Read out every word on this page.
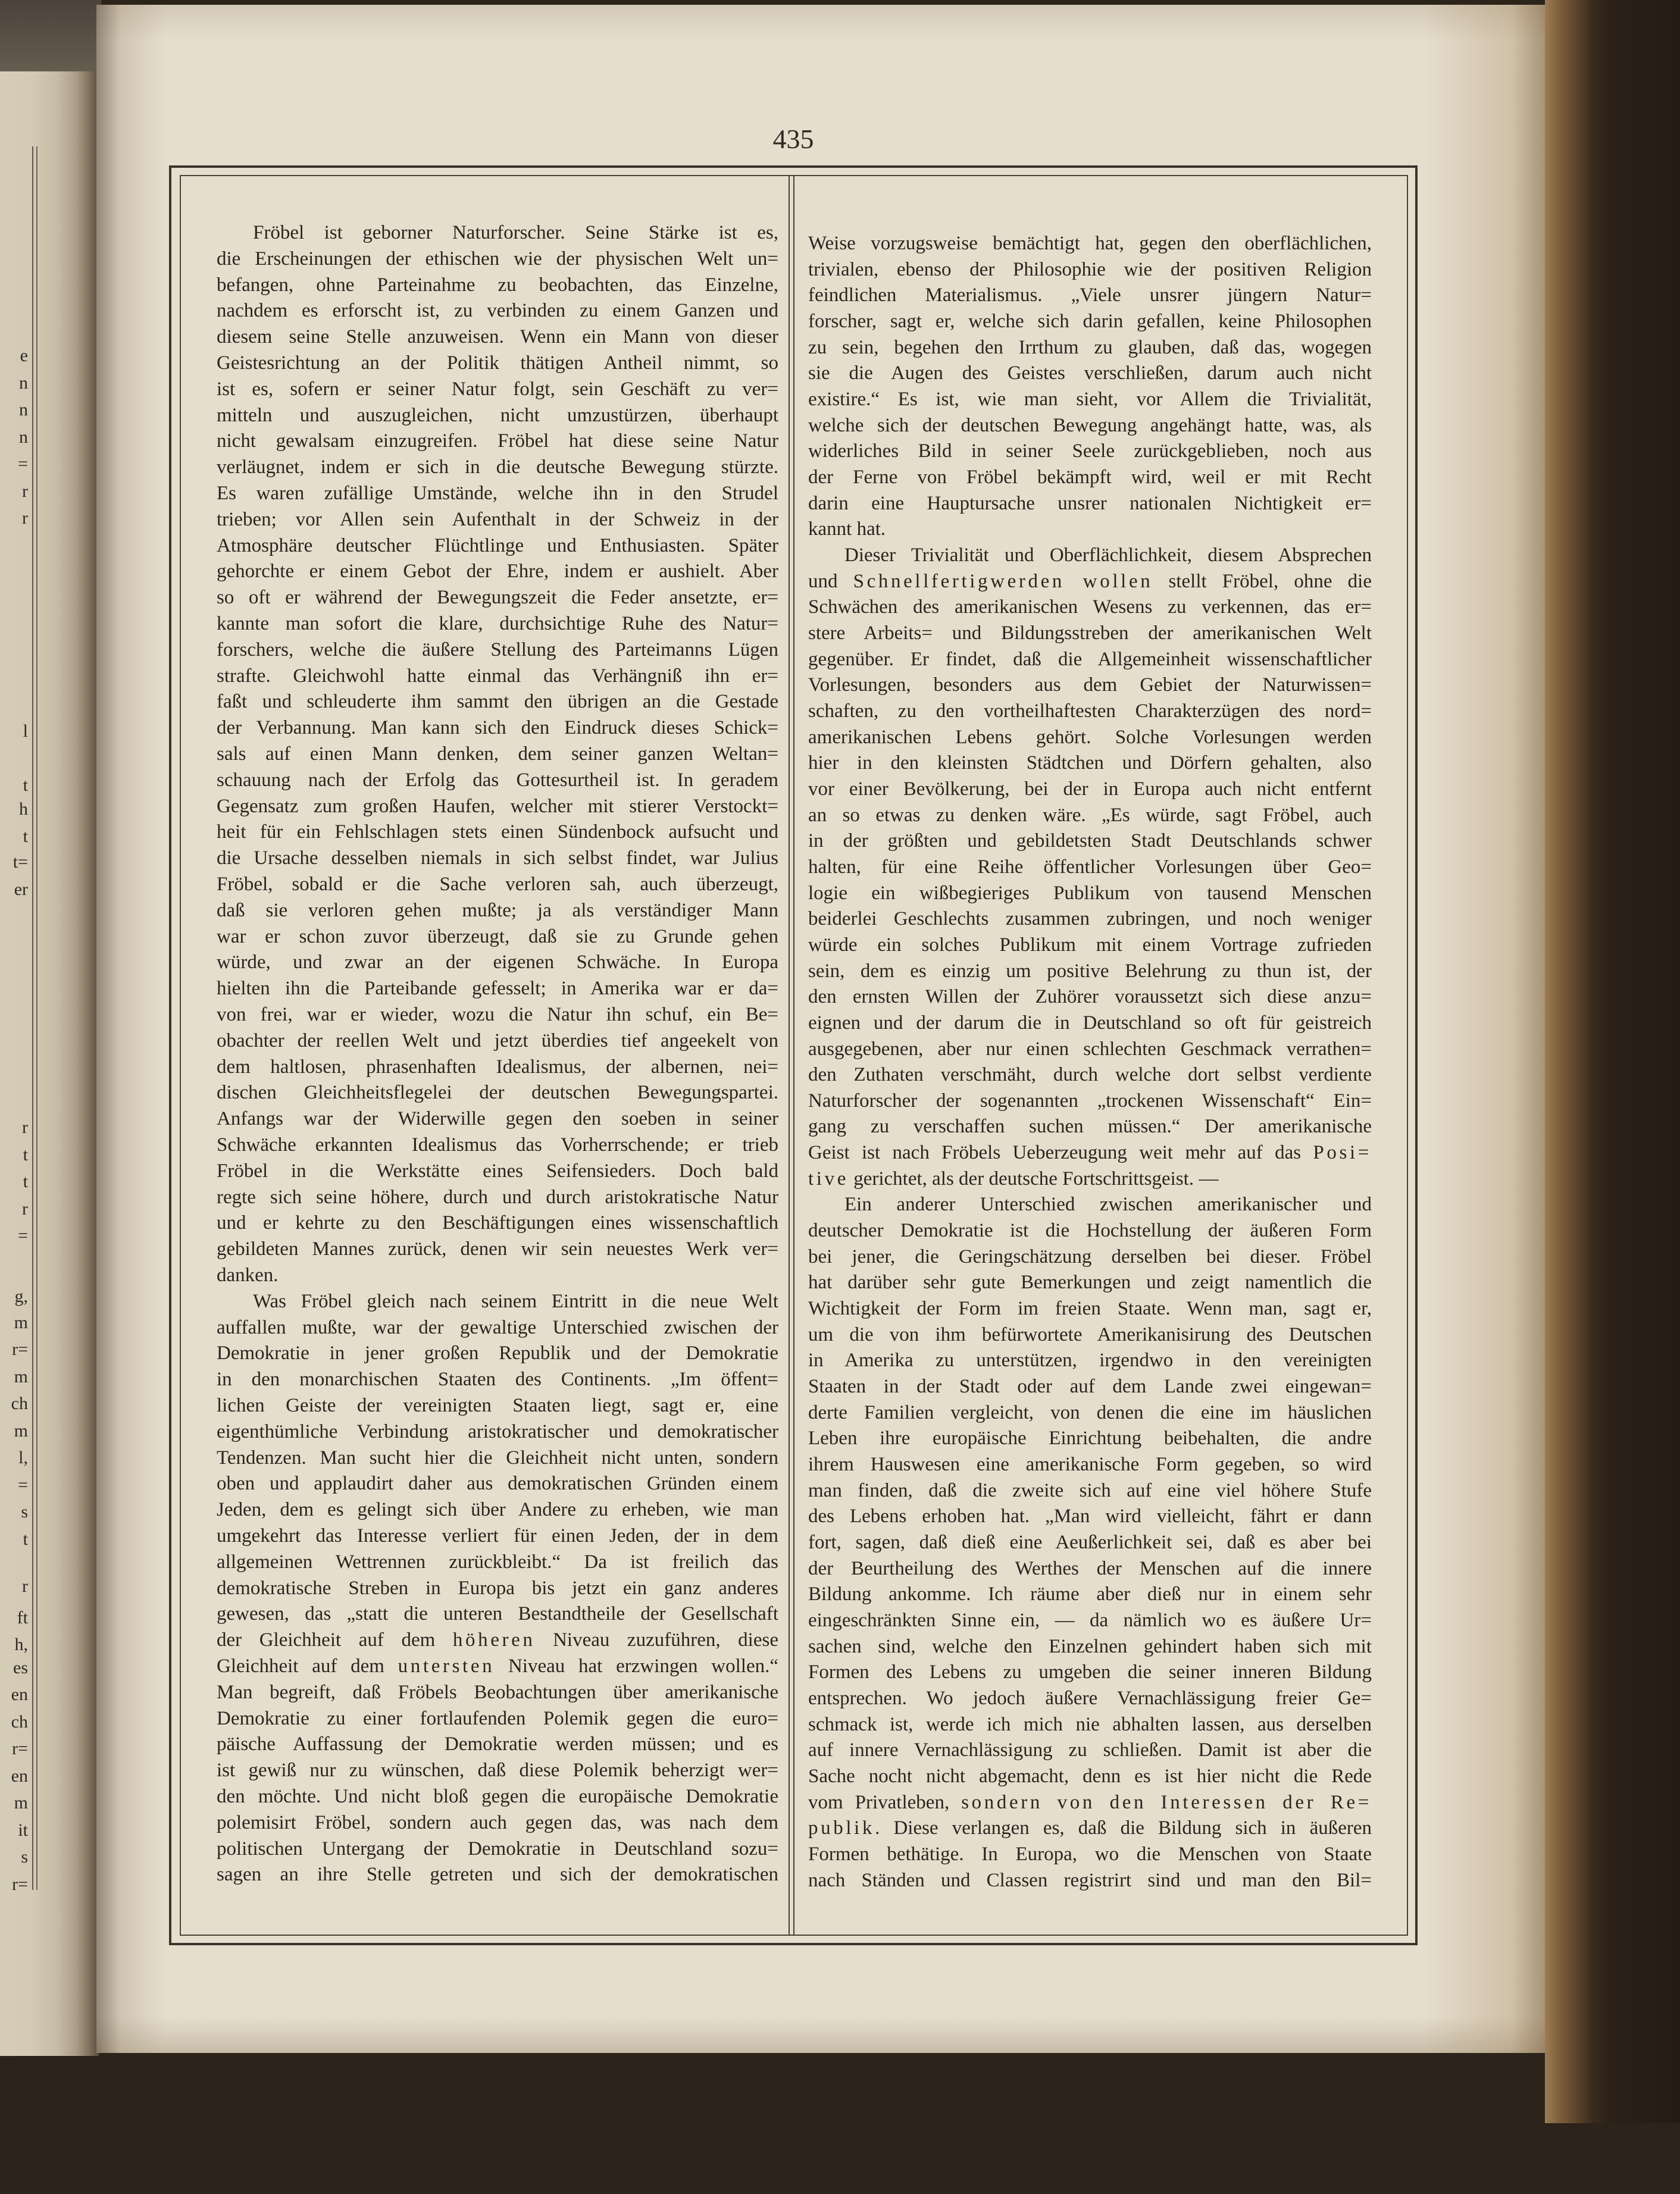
e
n
n
n
=
r
r
l
t
h
t
t=
er
r
t
t
r
=
g,
m
r=
m
ch
m
l,
=
s
t
r
ft
h,
es
en
ch
r=
en
m
it
s
r=
435
Fröbel ist geborner Naturforscher. Seine Stärke ist es,
die Erscheinungen der ethischen wie der physischen Welt un=
befangen, ohne Parteinahme zu beobachten, das Einzelne,
nachdem es erforscht ist, zu verbinden zu einem Ganzen und
diesem seine Stelle anzuweisen. Wenn ein Mann von dieser
Geistesrichtung an der Politik thätigen Antheil nimmt, so
ist es, sofern er seiner Natur folgt, sein Geschäft zu ver=
mitteln und auszugleichen, nicht umzustürzen, überhaupt
nicht gewalsam einzugreifen. Fröbel hat diese seine Natur
verläugnet, indem er sich in die deutsche Bewegung stürzte.
Es waren zufällige Umstände, welche ihn in den Strudel
trieben; vor Allen sein Aufenthalt in der Schweiz in der
Atmosphäre deutscher Flüchtlinge und Enthusiasten. Später
gehorchte er einem Gebot der Ehre, indem er aushielt. Aber
so oft er während der Bewegungszeit die Feder ansetzte, er=
kannte man sofort die klare, durchsichtige Ruhe des Natur=
forschers, welche die äußere Stellung des Parteimanns Lügen
strafte. Gleichwohl hatte einmal das Verhängniß ihn er=
faßt und schleuderte ihm sammt den übrigen an die Gestade
der Verbannung. Man kann sich den Eindruck dieses Schick=
sals auf einen Mann denken, dem seiner ganzen Weltan=
schauung nach der Erfolg das Gottesurtheil ist. In geradem
Gegensatz zum großen Haufen, welcher mit stierer Verstockt=
heit für ein Fehlschlagen stets einen Sündenbock aufsucht und
die Ursache desselben niemals in sich selbst findet, war Julius
Fröbel, sobald er die Sache verloren sah, auch überzeugt,
daß sie verloren gehen mußte; ja als verständiger Mann
war er schon zuvor überzeugt, daß sie zu Grunde gehen
würde, und zwar an der eigenen Schwäche. In Europa
hielten ihn die Parteibande gefesselt; in Amerika war er da=
von frei, war er wieder, wozu die Natur ihn schuf, ein Be=
obachter der reellen Welt und jetzt überdies tief angeekelt von
dem haltlosen, phrasenhaften Idealismus, der albernen, nei=
dischen Gleichheitsflegelei der deutschen Bewegungspartei.
Anfangs war der Widerwille gegen den soeben in seiner
Schwäche erkannten Idealismus das Vorherrschende; er trieb
Fröbel in die Werkstätte eines Seifensieders. Doch bald
regte sich seine höhere, durch und durch aristokratische Natur
und er kehrte zu den Beschäftigungen eines wissenschaftlich
gebildeten Mannes zurück, denen wir sein neuestes Werk ver=
danken.
Was Fröbel gleich nach seinem Eintritt in die neue Welt
auffallen mußte, war der gewaltige Unterschied zwischen der
Demokratie in jener großen Republik und der Demokratie
in den monarchischen Staaten des Continents. „Im öffent=
lichen Geiste der vereinigten Staaten liegt, sagt er, eine
eigenthümliche Verbindung aristokratischer und demokratischer
Tendenzen. Man sucht hier die Gleichheit nicht unten, sondern
oben und applaudirt daher aus demokratischen Gründen einem
Jeden, dem es gelingt sich über Andere zu erheben, wie man
umgekehrt das Interesse verliert für einen Jeden, der in dem
allgemeinen Wettrennen zurückbleibt.“ Da ist freilich das
demokratische Streben in Europa bis jetzt ein ganz anderes
gewesen, das „statt die unteren Bestandtheile der Gesellschaft
der Gleichheit auf dem höheren Niveau zuzuführen, diese
Gleichheit auf dem untersten Niveau hat erzwingen wollen.“
Man begreift, daß Fröbels Beobachtungen über amerikanische
Demokratie zu einer fortlaufenden Polemik gegen die euro=
päische Auffassung der Demokratie werden müssen; und es
ist gewiß nur zu wünschen, daß diese Polemik beherzigt wer=
den möchte. Und nicht bloß gegen die europäische Demokratie
polemisirt Fröbel, sondern auch gegen das, was nach dem
politischen Untergang der Demokratie in Deutschland sozu=
sagen an ihre Stelle getreten und sich der demokratischen
Weise vorzugsweise bemächtigt hat, gegen den oberflächlichen,
trivialen, ebenso der Philosophie wie der positiven Religion
feindlichen Materialismus. „Viele unsrer jüngern Natur=
forscher, sagt er, welche sich darin gefallen, keine Philosophen
zu sein, begehen den Irrthum zu glauben, daß das, wogegen
sie die Augen des Geistes verschließen, darum auch nicht
existire.“ Es ist, wie man sieht, vor Allem die Trivialität,
welche sich der deutschen Bewegung angehängt hatte, was, als
widerliches Bild in seiner Seele zurückgeblieben, noch aus
der Ferne von Fröbel bekämpft wird, weil er mit Recht
darin eine Hauptursache unsrer nationalen Nichtigkeit er=
kannt hat.
Dieser Trivialität und Oberflächlichkeit, diesem Absprechen
und Schnellfertigwerden wollen stellt Fröbel, ohne die
Schwächen des amerikanischen Wesens zu verkennen, das er=
stere Arbeits= und Bildungsstreben der amerikanischen Welt
gegenüber. Er findet, daß die Allgemeinheit wissenschaftlicher
Vorlesungen, besonders aus dem Gebiet der Naturwissen=
schaften, zu den vortheilhaftesten Charakterzügen des nord=
amerikanischen Lebens gehört. Solche Vorlesungen werden
hier in den kleinsten Städtchen und Dörfern gehalten, also
vor einer Bevölkerung, bei der in Europa auch nicht entfernt
an so etwas zu denken wäre. „Es würde, sagt Fröbel, auch
in der größten und gebildetsten Stadt Deutschlands schwer
halten, für eine Reihe öffentlicher Vorlesungen über Geo=
logie ein wißbegieriges Publikum von tausend Menschen
beiderlei Geschlechts zusammen zubringen, und noch weniger
würde ein solches Publikum mit einem Vortrage zufrieden
sein, dem es einzig um positive Belehrung zu thun ist, der
den ernsten Willen der Zuhörer voraussetzt sich diese anzu=
eignen und der darum die in Deutschland so oft für geistreich
ausgegebenen, aber nur einen schlechten Geschmack verrathen=
den Zuthaten verschmäht, durch welche dort selbst verdiente
Naturforscher der sogenannten „trockenen Wissenschaft“ Ein=
gang zu verschaffen suchen müssen.“ Der amerikanische
Geist ist nach Fröbels Ueberzeugung weit mehr auf das Posi=
tive gerichtet, als der deutsche Fortschrittsgeist. —
Ein anderer Unterschied zwischen amerikanischer und
deutscher Demokratie ist die Hochstellung der äußeren Form
bei jener, die Geringschätzung derselben bei dieser. Fröbel
hat darüber sehr gute Bemerkungen und zeigt namentlich die
Wichtigkeit der Form im freien Staate. Wenn man, sagt er,
um die von ihm befürwortete Amerikanisirung des Deutschen
in Amerika zu unterstützen, irgendwo in den vereinigten
Staaten in der Stadt oder auf dem Lande zwei eingewan=
derte Familien vergleicht, von denen die eine im häuslichen
Leben ihre europäische Einrichtung beibehalten, die andre
ihrem Hauswesen eine amerikanische Form gegeben, so wird
man finden, daß die zweite sich auf eine viel höhere Stufe
des Lebens erhoben hat. „Man wird vielleicht, fährt er dann
fort, sagen, daß dieß eine Aeußerlichkeit sei, daß es aber bei
der Beurtheilung des Werthes der Menschen auf die innere
Bildung ankomme. Ich räume aber dieß nur in einem sehr
eingeschränkten Sinne ein, — da nämlich wo es äußere Ur=
sachen sind, welche den Einzelnen gehindert haben sich mit
Formen des Lebens zu umgeben die seiner inneren Bildung
entsprechen. Wo jedoch äußere Vernachlässigung freier Ge=
schmack ist, werde ich mich nie abhalten lassen, aus derselben
auf innere Vernachlässigung zu schließen. Damit ist aber die
Sache nocht nicht abgemacht, denn es ist hier nicht die Rede
vom Privatleben, sondern von den Interessen der Re=
publik. Diese verlangen es, daß die Bildung sich in äußeren
Formen bethätige. In Europa, wo die Menschen von Staate
nach Ständen und Classen registrirt sind und man den Bil=
